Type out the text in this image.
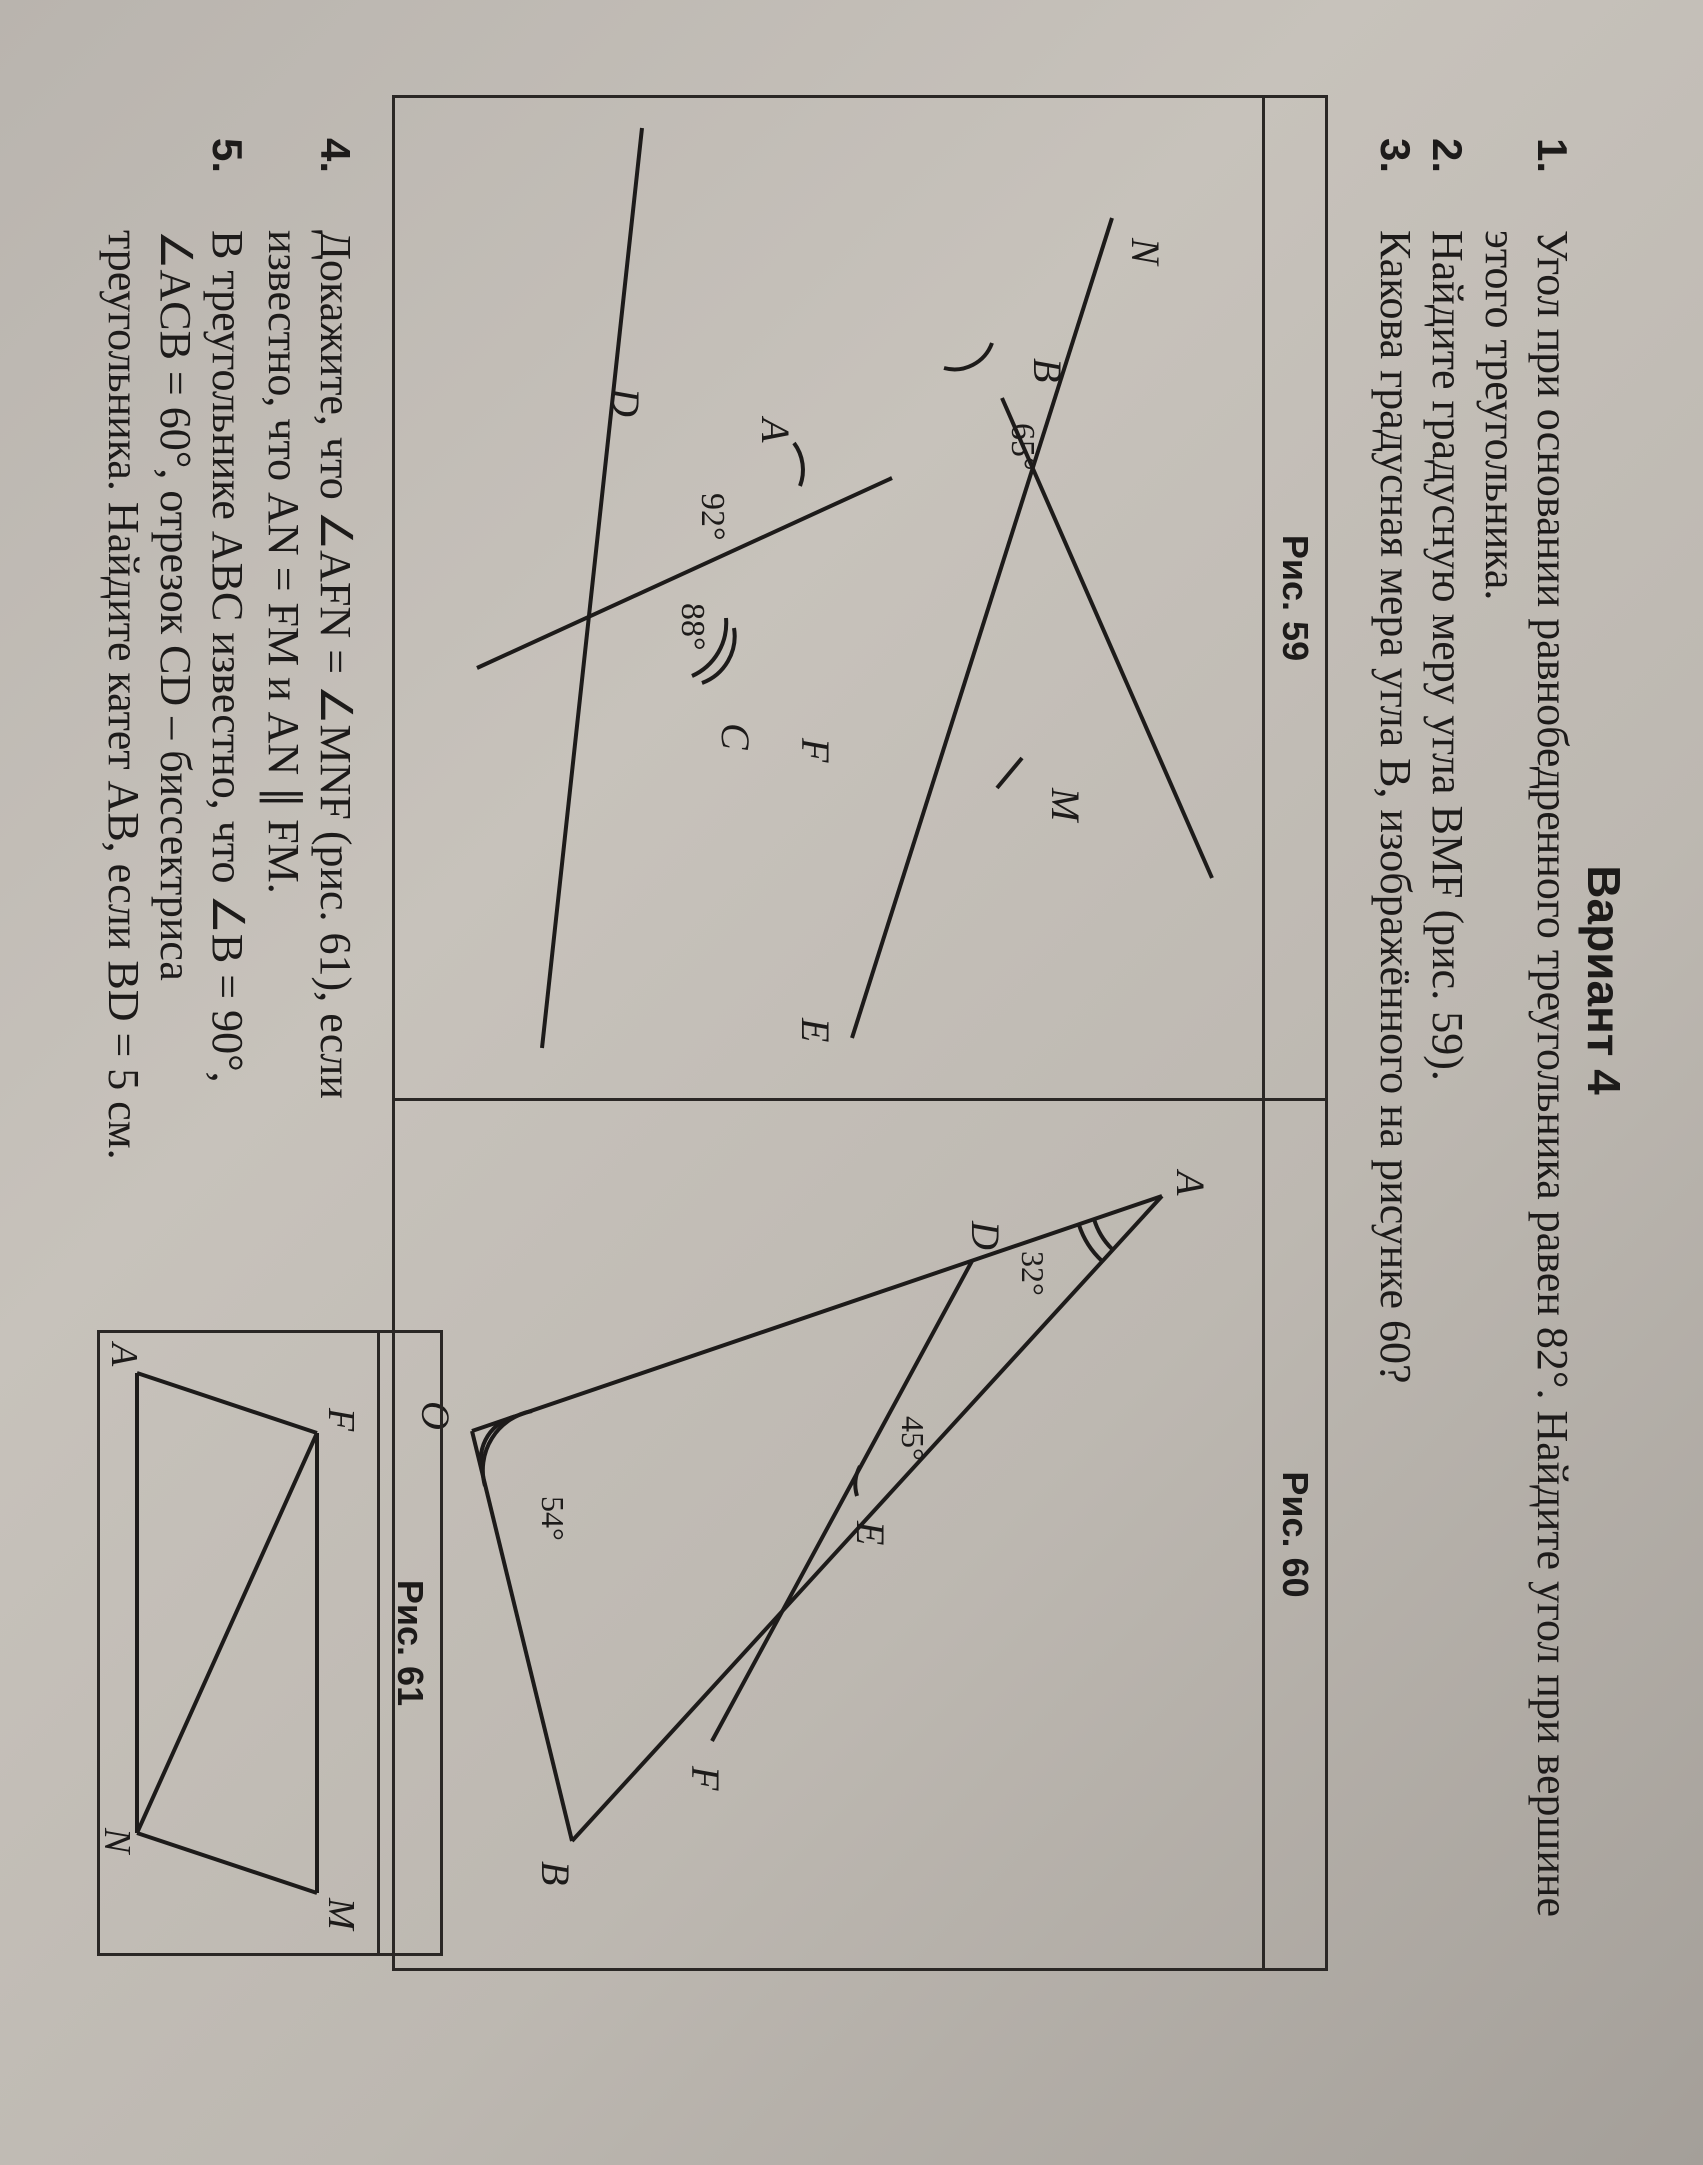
Вариант 4
1.
Угол при основании равнобедренного треугольника равен 82°. Найдите угол при вершине этого треугольника.
2.
Найдите градусную меру угла BMF (рис. 59).
3.
Какова градусная мера угла B, изображённого на рисунке 60?
Рис. 59
Рис. 60
N
B
M
A
D
F
C
E
65°
92°
88°
A
D
E
O
F
B
32°
45°
54°
4.
Докажите, что ∠AFN = ∠MNF (рис. 61), если известно, что AN = FM и AN ∥ FM.
5.
В треугольнике ABC известно, что ∠B = 90°, ∠ACB = 60°, отрезок CD – биссектриса треугольника. Найдите катет AB, если BD = 5 см.
Рис. 61
F
M
A
N
